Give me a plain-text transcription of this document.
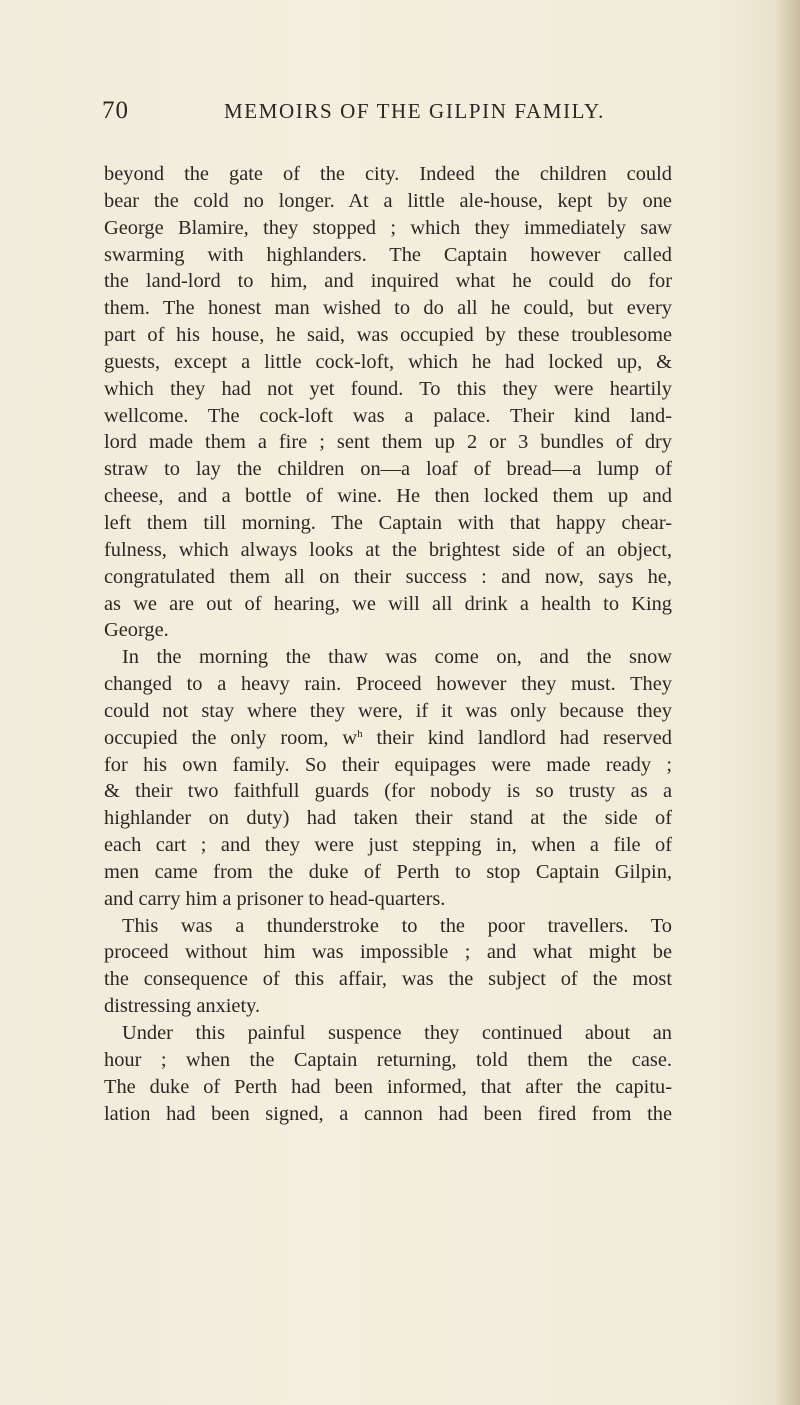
70	MEMOIRS OF THE GILPIN FAMILY.
beyond the gate of the city. Indeed the children could
bear the cold no longer. At a little ale-house, kept by one
George Blamire, they stopped ; which they immediately saw
swarming with highlanders. The Captain however called
the land-lord to him, and inquired what he could do for
them. The honest man wished to do all he could, but every
part of his house, he said, was occupied by these troublesome
guests, except a little cock-loft, which he had locked up, &
which they had not yet found. To this they were heartily
wellcome. The cock-loft was a palace. Their kind land-
lord made them a fire ; sent them up 2 or 3 bundles of dry
straw to lay the children on—a loaf of bread—a lump of
cheese, and a bottle of wine. He then locked them up and
left them till morning. The Captain with that happy chear-
fulness, which always looks at the brightest side of an object,
congratulated them all on their success : and now, says he,
as we are out of hearing, we will all drink a health to King
George.
In the morning the thaw was come on, and the snow
changed to a heavy rain. Proceed however they must. They
could not stay where they were, if it was only because they
occupied the only room, $w^h$ their kind landlord had reserved
for his own family. So their equipages were made ready ;
& their two faithfull guards (for nobody is so trusty as a
highlander on duty) had taken their stand at the side of
each cart ; and they were just stepping in, when a file of
men came from the duke of Perth to stop Captain Gilpin,
and carry him a prisoner to head-quarters.
This was a thunderstroke to the poor travellers. To
proceed without him was impossible ; and what might be
the consequence of this affair, was the subject of the most
distressing anxiety.
Under this painful suspence they continued about an
hour ; when the Captain returning, told them the case.
The duke of Perth had been informed, that after the capitu-
lation had been signed, a cannon had been fired from the
